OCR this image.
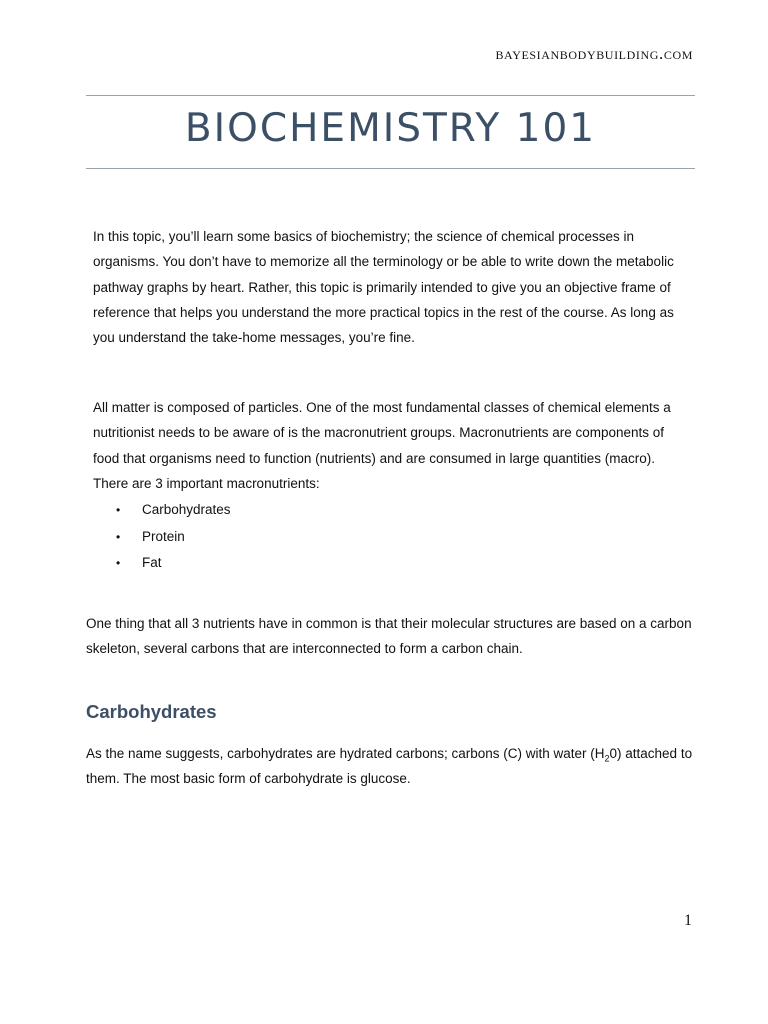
bayesianbodybuilding.com
BIOCHEMISTRY 101

In this topic, you’ll learn some basics of biochemistry; the science of chemical processes in organisms. You don’t have to memorize all the terminology or be able to write down the metabolic pathway graphs by heart. Rather, this topic is primarily intended to give you an objective frame of reference that helps you understand the more practical topics in the rest of the course. As long as you understand the take-home messages, you’re fine.

All matter is composed of particles. One of the most fundamental classes of chemical elements a nutritionist needs to be aware of is the macronutrient groups. Macronutrients are components of food that organisms need to function (nutrients) and are consumed in large quantities (macro). There are 3 important macronutrients:

• Carbohydrates
• Protein
• Fat

One thing that all 3 nutrients have in common is that their molecular structures are based on a carbon skeleton, several carbons that are interconnected to form a carbon chain.

Carbohydrates

As the name suggests, carbohydrates are hydrated carbons; carbons (C) with water $(H_20)$ attached to them. The most basic form of carbohydrate is glucose.

1
